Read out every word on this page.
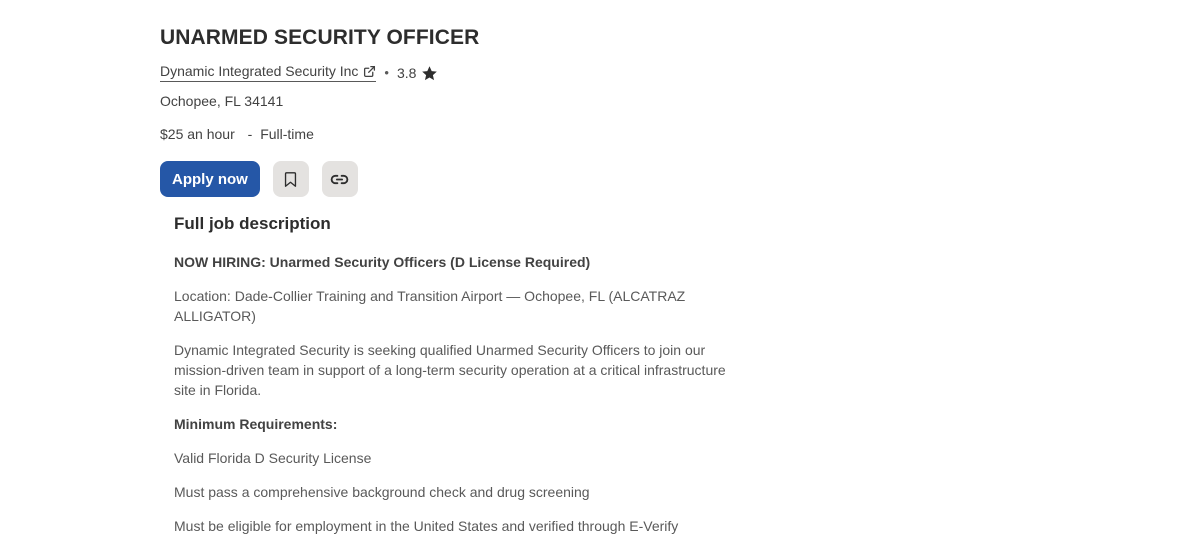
UNARMED SECURITY OFFICER
Dynamic Integrated Security Inc • 3.8
Ochopee, FL 34141
$25 an hour - Full-time
Apply now
Full job description

NOW HIRING: Unarmed Security Officers (D License Required)

Location: Dade-Collier Training and Transition Airport — Ochopee, FL (ALCATRAZ ALLIGATOR)

Dynamic Integrated Security is seeking qualified Unarmed Security Officers to join our mission-driven team in support of a long-term security operation at a critical infrastructure site in Florida.

Minimum Requirements:

Valid Florida D Security License

Must pass a comprehensive background check and drug screening

Must be eligible for employment in the United States and verified through E-Verify
